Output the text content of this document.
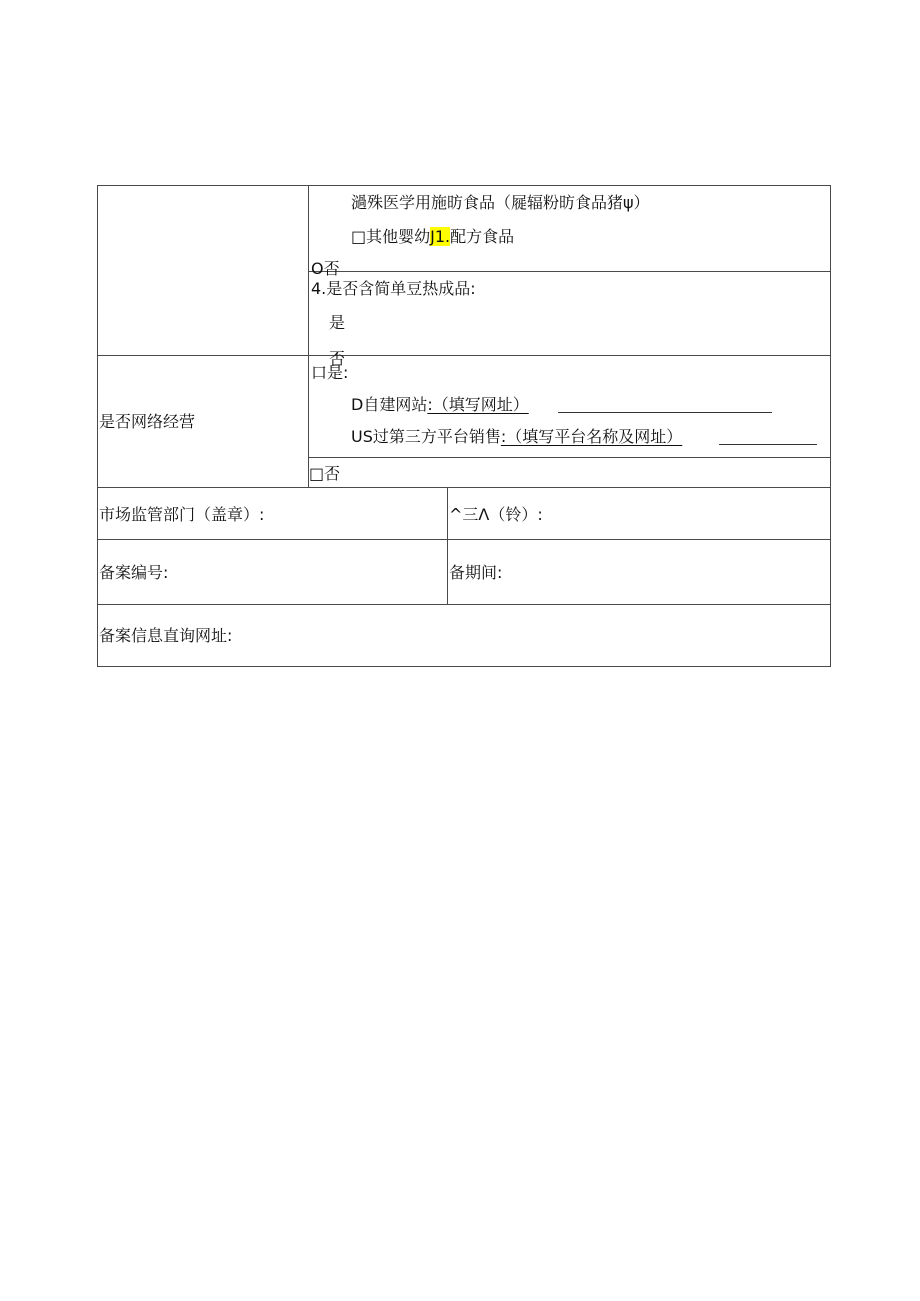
濄殊医学用施昉食品（屣辐粉昉食品猪ψ）
□其他婴幼J1.配方食品
O否
4.是否含简单豆热成品:
是
否
是否网络经营
口是:
D自建网站:（填写网址）
US过第三方平台销售:（填写平台名称及网址）
□否
市场监管部门（盖章）:	^三Λ（铃）:
备案编号:	备期间:
备案信息直询网址:
